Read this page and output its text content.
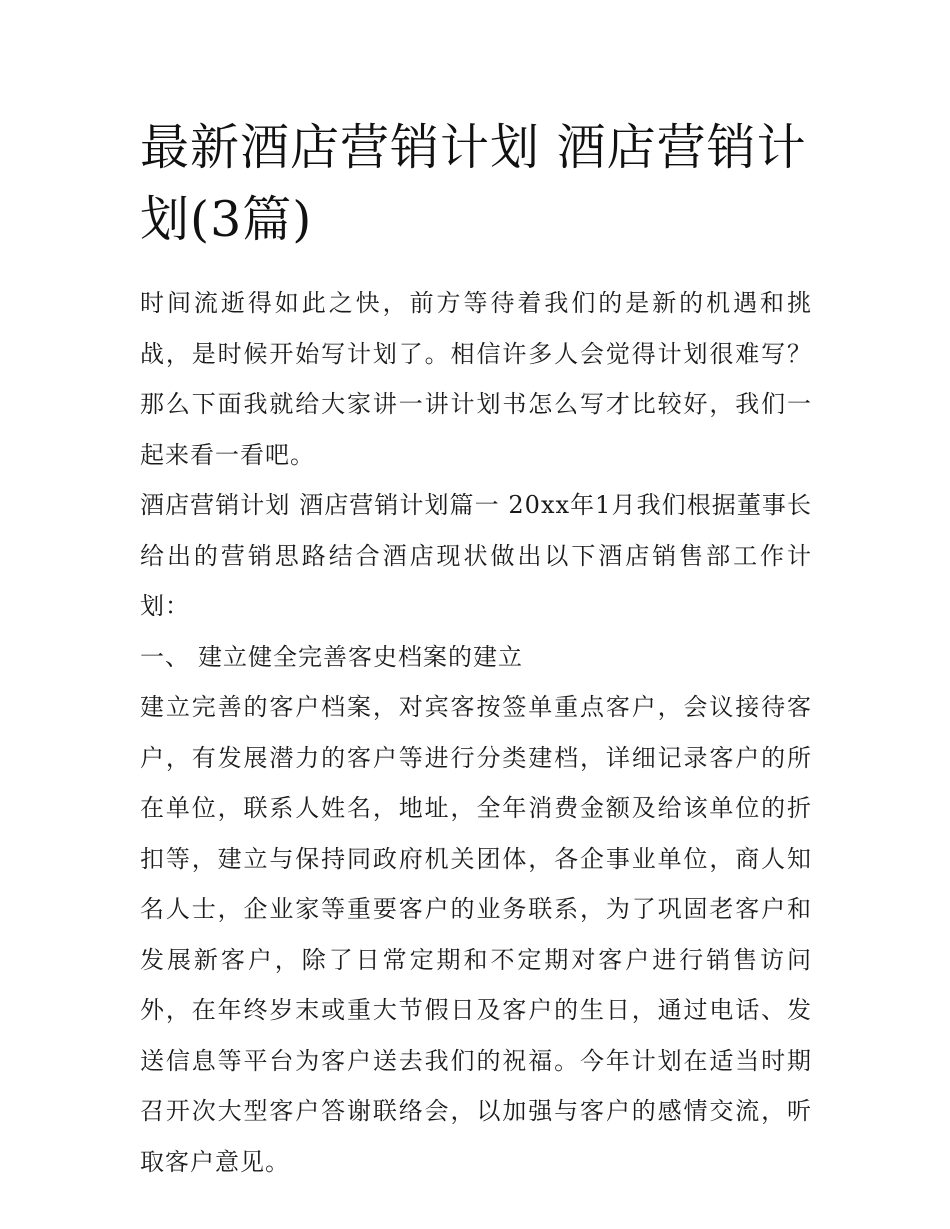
最新酒店营销计划 酒店营销计划(3篇)

时间流逝得如此之快，前方等待着我们的是新的机遇和挑战，是时候开始写计划了。相信许多人会觉得计划很难写？那么下面我就给大家讲一讲计划书怎么写才比较好，我们一起来看一看吧。

酒店营销计划 酒店营销计划篇一 20xx年1月我们根据董事长给出的营销思路结合酒店现状做出以下酒店销售部工作计划：

一、 建立健全完善客史档案的建立

建立完善的客户档案，对宾客按签单重点客户，会议接待客户，有发展潜力的客户等进行分类建档，详细记录客户的所在单位，联系人姓名，地址，全年消费金额及给该单位的折扣等，建立与保持同政府机关团体，各企事业单位，商人知名人士，企业家等重要客户的业务联系，为了巩固老客户和发展新客户，除了日常定期和不定期对客户进行销售访问外，在年终岁末或重大节假日及客户的生日，通过电话、发送信息等平台为客户送去我们的祝福。今年计划在适当时期召开次大型客户答谢联络会，以加强与客户的感情交流，听取客户意见。
